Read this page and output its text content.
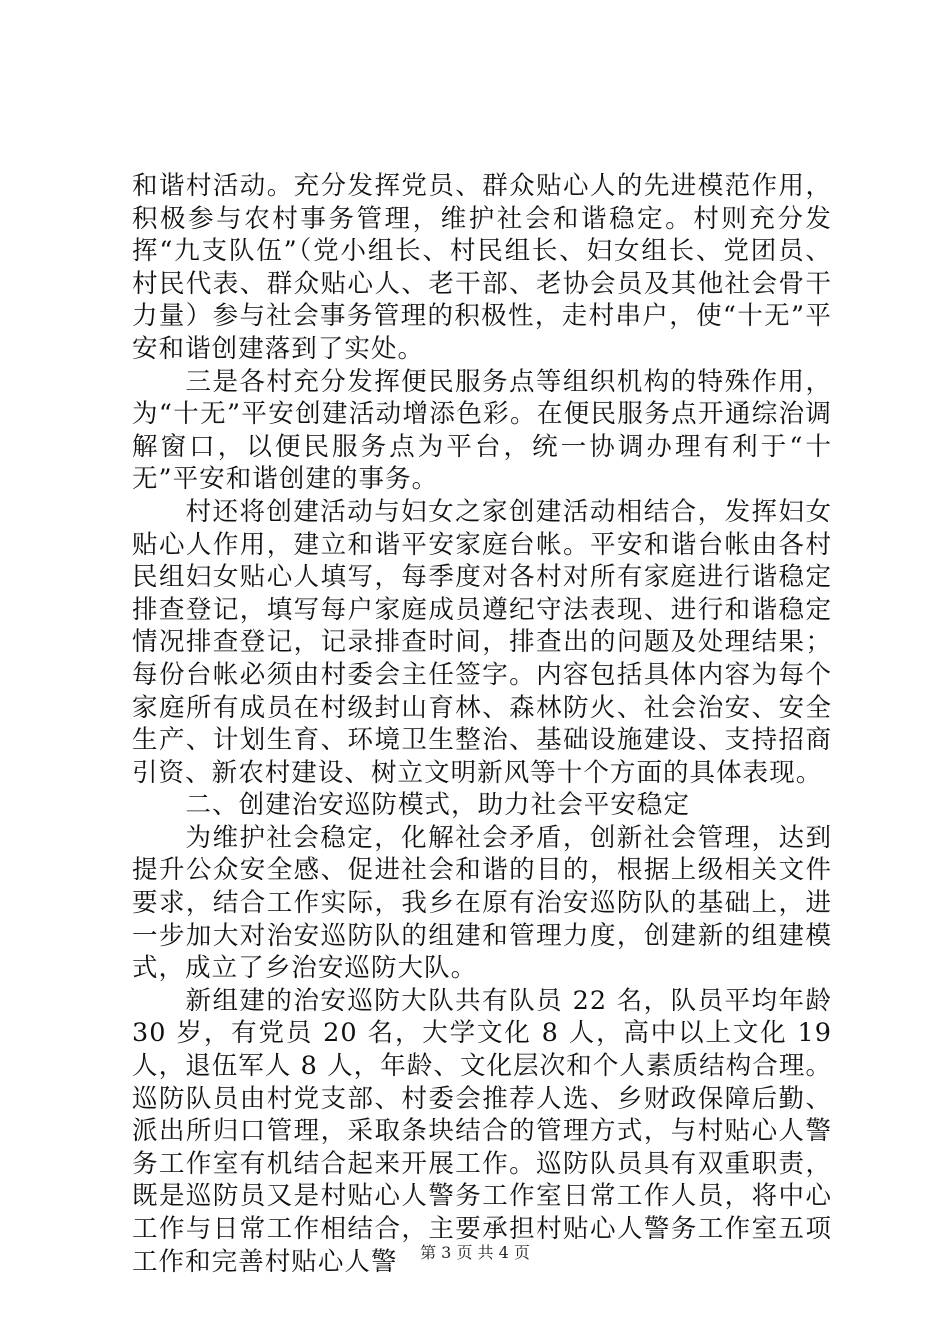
和谐村活动。充分发挥党员、群众贴心人的先进模范作用，积极参与农村事务管理，维护社会和谐稳定。村则充分发挥“九支队伍”（党小组长、村民组长、妇女组长、党团员、村民代表、群众贴心人、老干部、老协会员及其他社会骨干力量）参与社会事务管理的积极性，走村串户，使“十无”平安和谐创建落到了实处。

三是各村充分发挥便民服务点等组织机构的特殊作用，为“十无”平安创建活动增添色彩。在便民服务点开通综治调解窗口，以便民服务点为平台，统一协调办理有利于“十无”平安和谐创建的事务。

村还将创建活动与妇女之家创建活动相结合，发挥妇女贴心人作用，建立和谐平安家庭台帐。平安和谐台帐由各村民组妇女贴心人填写，每季度对各村对所有家庭进行谐稳定排查登记，填写每户家庭成员遵纪守法表现、进行和谐稳定情况排查登记，记录排查时间，排查出的问题及处理结果；每份台帐必须由村委会主任签字。内容包括具体内容为每个家庭所有成员在村级封山育林、森林防火、社会治安、安全生产、计划生育、环境卫生整治、基础设施建设、支持招商引资、新农村建设、树立文明新风等十个方面的具体表现。

二、创建治安巡防模式，助力社会平安稳定

为维护社会稳定，化解社会矛盾，创新社会管理，达到提升公众安全感、促进社会和谐的目的，根据上级相关文件要求，结合工作实际，我乡在原有治安巡防队的基础上，进一步加大对治安巡防队的组建和管理力度，创建新的组建模式，成立了乡治安巡防大队。

新组建的治安巡防大队共有队员 22 名，队员平均年龄 30 岁，有党员 20 名，大学文化 8 人，高中以上文化 19 人，退伍军人 8 人，年龄、文化层次和个人素质结构合理。巡防队员由村党支部、村委会推荐人选、乡财政保障后勤、派出所归口管理，采取条块结合的管理方式，与村贴心人警务工作室有机结合起来开展工作。巡防队员具有双重职责，既是巡防员又是村贴心人警务工作室日常工作人员，将中心工作与日常工作相结合，主要承担村贴心人警务工作室五项工作和完善村贴心人警	第 3 页 共 4 页
